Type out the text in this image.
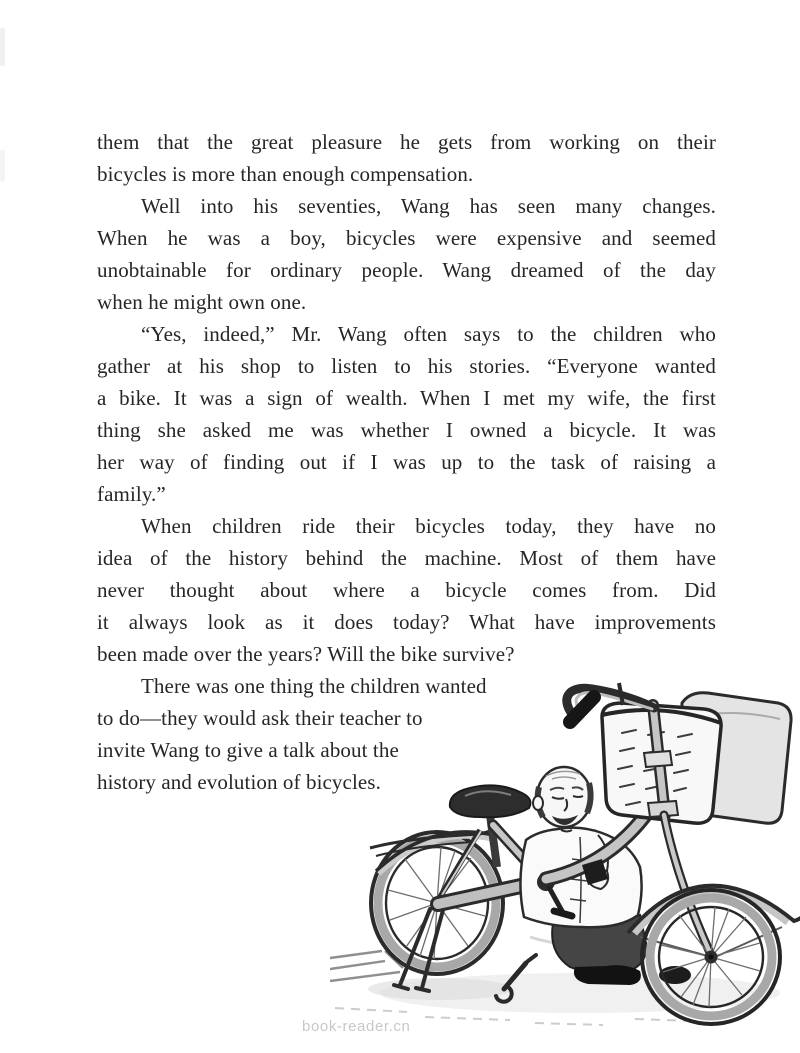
them that the great pleasure he gets from working on their
bicycles is more than enough compensation.

Well into his seventies, Wang has seen many changes.
When he was a boy, bicycles were expensive and seemed
unobtainable for ordinary people. Wang dreamed of the day
when he might own one.

“Yes, indeed,” Mr. Wang often says to the children who
gather at his shop to listen to his stories. “Everyone wanted
a bike. It was a sign of wealth. When I met my wife, the first
thing she asked me was whether I owned a bicycle. It was
her way of finding out if I was up to the task of raising a
family.”

When children ride their bicycles today, they have no
idea of the history behind the machine. Most of them have
never thought about where a bicycle comes from. Did
it always look as it does today? What have improvements
been made over the years? Will the bike survive?

There was one thing the children wanted
to do—they would ask their teacher to
invite Wang to give a talk about the
history and evolution of bicycles.

book-reader.cn
